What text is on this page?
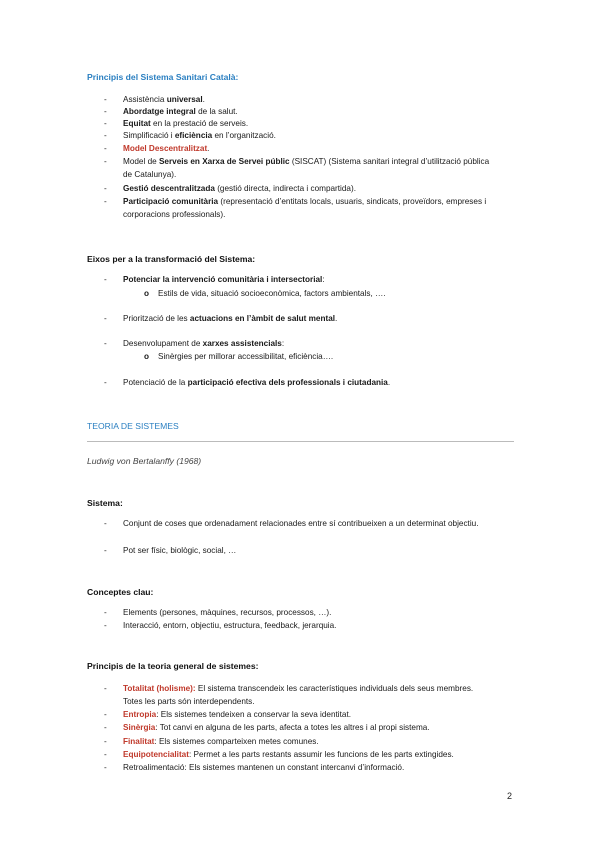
Principis del Sistema Sanitari Català:
- Assistència universal.
- Abordatge integral de la salut.
- Equitat en la prestació de serveis.
- Simplificació i eficiència en l’organització.
- Model Descentralitzat.
- Model de Serveis en Xarxa de Servei públic (SISCAT) (Sistema sanitari integral d’utilització pública de Catalunya).
- Gestió descentralitzada (gestió directa, indirecta i compartida).
- Participació comunitària (representació d’entitats locals, usuaris, sindicats, proveïdors, empreses i corporacions professionals).
Eixos per a la transformació del Sistema:
- Potenciar la intervenció comunitària i intersectorial:
o Estils de vida, situació socioeconòmica, factors ambientals, ….
- Priorització de les actuacions en l’àmbit de salut mental.
- Desenvolupament de xarxes assistencials:
o Sinèrgies per millorar accessibilitat, eficiència….
- Potenciació de la participació efectiva dels professionals i ciutadania.
TEORIA DE SISTEMES
Ludwig von Bertalanffy (1968)
Sistema:
- Conjunt de coses que ordenadament relacionades entre sí contribueixen a un determinat objectiu.
- Pot ser físic, biològic, social, …
Conceptes clau:
- Elements (persones, màquines, recursos, processos, …).
- Interacció, entorn, objectiu, estructura, feedback, jerarquia.
Principis de la teoria general de sistemes:
- Totalitat (holisme): El sistema transcendeix les característiques individuals dels seus membres. Totes les parts són interdependents.
- Entropia: Els sistemes tendeixen a conservar la seva identitat.
- Sinèrgia: Tot canvi en alguna de les parts, afecta a totes les altres i al propi sistema.
- Finalitat: Els sistemes comparteixen metes comunes.
- Equipotencialitat: Permet a les parts restants assumir les funcions de les parts extingides.
- Retroalimentació: Els sistemes mantenen un constant intercanvi d’informació.
2
